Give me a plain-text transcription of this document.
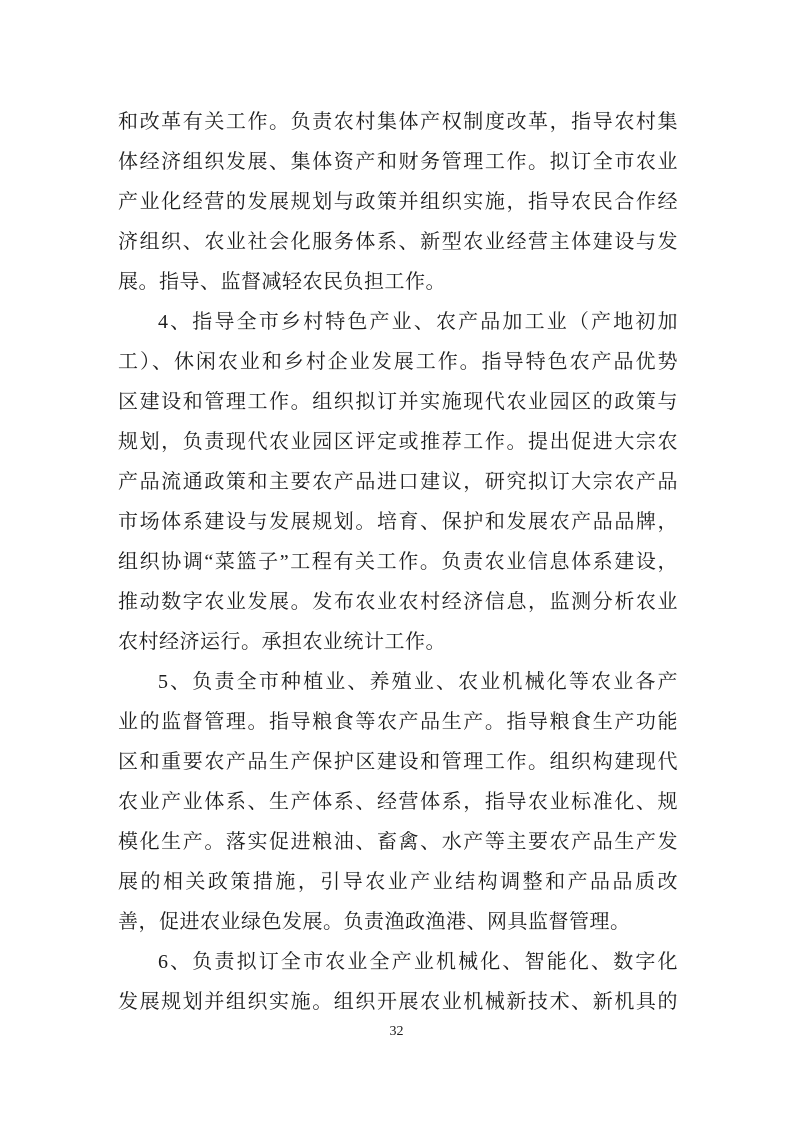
和改革有关工作。负责农村集体产权制度改革，指导农村集
体经济组织发展、集体资产和财务管理工作。拟订全市农业
产业化经营的发展规划与政策并组织实施，指导农民合作经
济组织、农业社会化服务体系、新型农业经营主体建设与发
展。指导、监督减轻农民负担工作。
4、指导全市乡村特色产业、农产品加工业（产地初加
工）、休闲农业和乡村企业发展工作。指导特色农产品优势
区建设和管理工作。组织拟订并实施现代农业园区的政策与
规划，负责现代农业园区评定或推荐工作。提出促进大宗农
产品流通政策和主要农产品进口建议，研究拟订大宗农产品
市场体系建设与发展规划。培育、保护和发展农产品品牌，
组织协调“菜篮子”工程有关工作。负责农业信息体系建设，
推动数字农业发展。发布农业农村经济信息，监测分析农业
农村经济运行。承担农业统计工作。
5、负责全市种植业、养殖业、农业机械化等农业各产
业的监督管理。指导粮食等农产品生产。指导粮食生产功能
区和重要农产品生产保护区建设和管理工作。组织构建现代
农业产业体系、生产体系、经营体系，指导农业标准化、规
模化生产。落实促进粮油、畜禽、水产等主要农产品生产发
展的相关政策措施，引导农业产业结构调整和产品品质改
善，促进农业绿色发展。负责渔政渔港、网具监督管理。
6、负责拟订全市农业全产业机械化、智能化、数字化
发展规划并组织实施。组织开展农业机械新技术、新机具的
32
